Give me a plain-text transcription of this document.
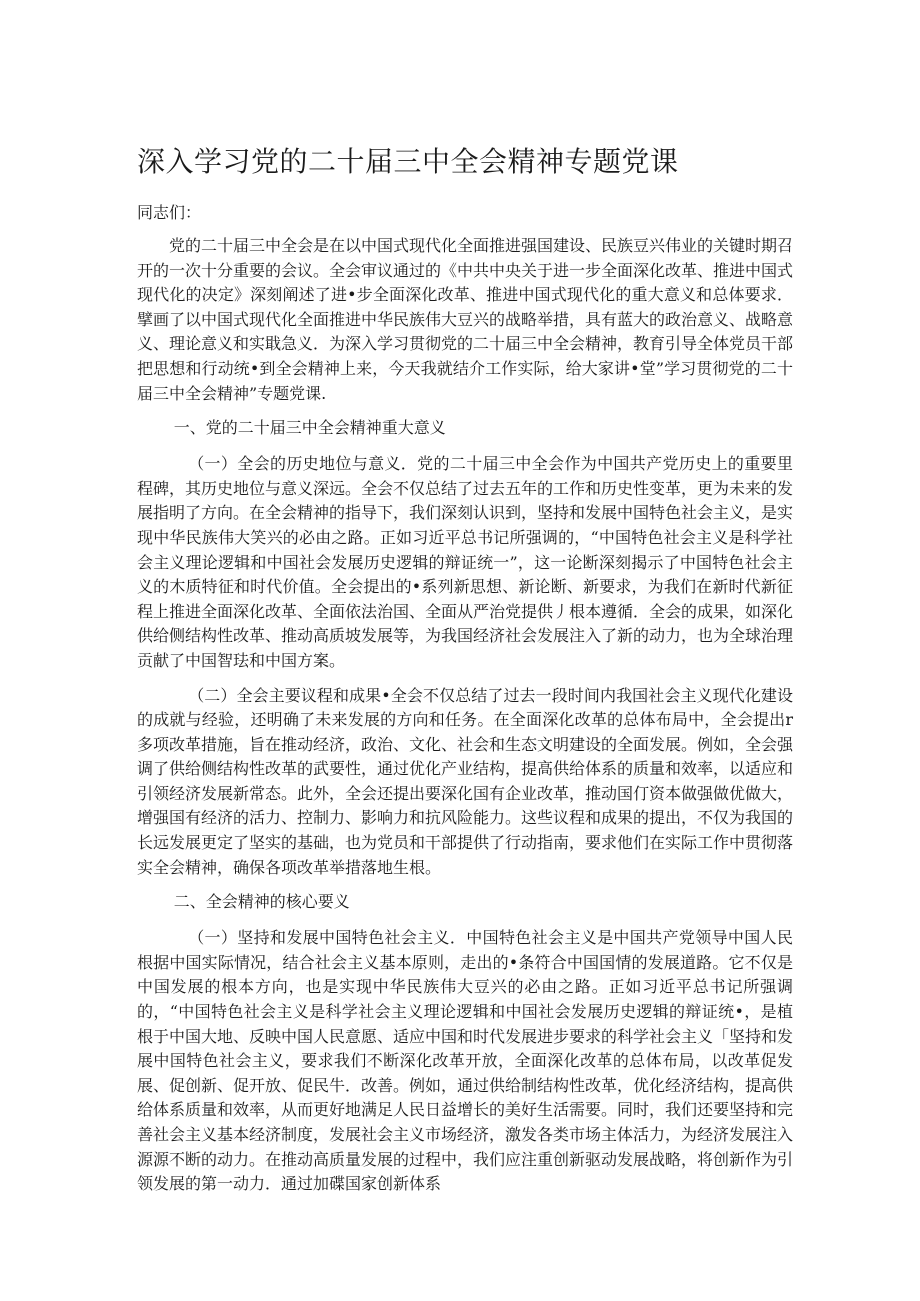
深入学习党的二十届三中全会精神专题党课

同志们：

党的二十届三中全会是在以中国式现代化全面推进强国建设、民族豆兴伟业的关键时期召开的一次十分重要的会议。全会审议通过的《中共中央关于进一步全面深化改革、推进中国式现代化的决定》深刻阐述了进•步全面深化改革、推进中国式现代化的重大意义和总体要求．擘画了以中国式现代化全面推进中华民族伟大豆兴的战略举措，具有蓝大的政治意义、战略意义、理论意义和实戢急义．为深入学习贯彻党的二十届三中全会精神，教育引导全体党员干部把思想和行动统•到全会精神上来，今天我就结介工作实际，给大家讲•堂”学习贯彻党的二十届三中全会精神”专题党课.

一、党的二十届三中全会精神重大意义

（一）全会的历史地位与意义．党的二十届三中全会作为中国共产党历史上的重要里程碑，其历史地位与意义深远。全会不仅总结了过去五年的工作和历史性变革，更为未来的发展指明了方向。在全会精神的指导下，我们深刻认识到，坚持和发展中国特色社会主义，是实现中华民族伟大笑兴的必由之路。正如习近平总书记所强调的，“中国特色社会主义是科学社会主义理论逻辑和中国社会发展历史逻辑的辩证统一”，这一论断深刻揭示了中国特色社会主义的木质特征和时代价值。全会提出的•系列新思想、新论断、新要求，为我们在新时代新征程上推进全面深化改革、全面依法治国、全面从严治党提供丿根本遵循．全会的成果，如深化供给侧结构性改革、推动高质坡发展等，为我国经济社会发展注入了新的动力，也为全球治理贡献了中国智珐和中国方案。

（二）全会主要议程和成果•全会不仅总结了过去一段时间内我国社会主义现代化建设的成就与经验，还明确了未来发展的方向和任务。在全面深化改革的总体布局中，全会提出r多项改革措施，旨在推动经济，政治、文化、社会和生态文明建设的全面发展。例如，全会强调了供给侧结构性改革的武要性，通过优化产业结构，提高供给体系的质量和效率，以适应和引领经济发展新常态。此外，全会还提出要深化国有企业改革，推动国仃资本做强做优做大，增强国有经济的活力、控制力、影响力和抗风险能力。这些议程和成果的提出，不仅为我国的长远发展更定了坚实的基础，也为党员和干部提供了行动指南，要求他们在实际工作中贯彻落实全会精神，确保各项改革举措落地生根。

二、全会精神的核心要义

（一）坚持和发展中国特色社会主义．中国特色社会主义是中国共产党领导中国人民根据中国实际情况，结合社会主义基本原则，走出的•条符合中国国情的发展道路。它不仅是中国发展的根本方向，也是实现中华民族伟大豆兴的必由之路。正如习近平总书记所强调的，“中国特色社会主义是科学社会主义理论逻辑和中国社会发展历史逻辑的辩证统•，是植根于中国大地、反映中国人民意愿、适应中国和时代发展进步要求的科学社会主义「坚持和发展中国特色社会主义，要求我们不断深化改革开放，全面深化改革的总体布局，以改革促发展、促创新、促开放、促民牛．改善。例如，通过供给制结构性改革，优化经济结构，提高供给体系质量和效率，从而更好地满足人民日益增长的美好生活需要。同时，我们还要坚持和完善社会主义基本经济制度，发展社会主义市场经济，激发各类市场主体活力，为经济发展注入源源不断的动力。在推动高质量发展的过程中，我们应注重创新驱动发展战略，将创新作为引领发展的第一动力．通过加碟国家创新体系
